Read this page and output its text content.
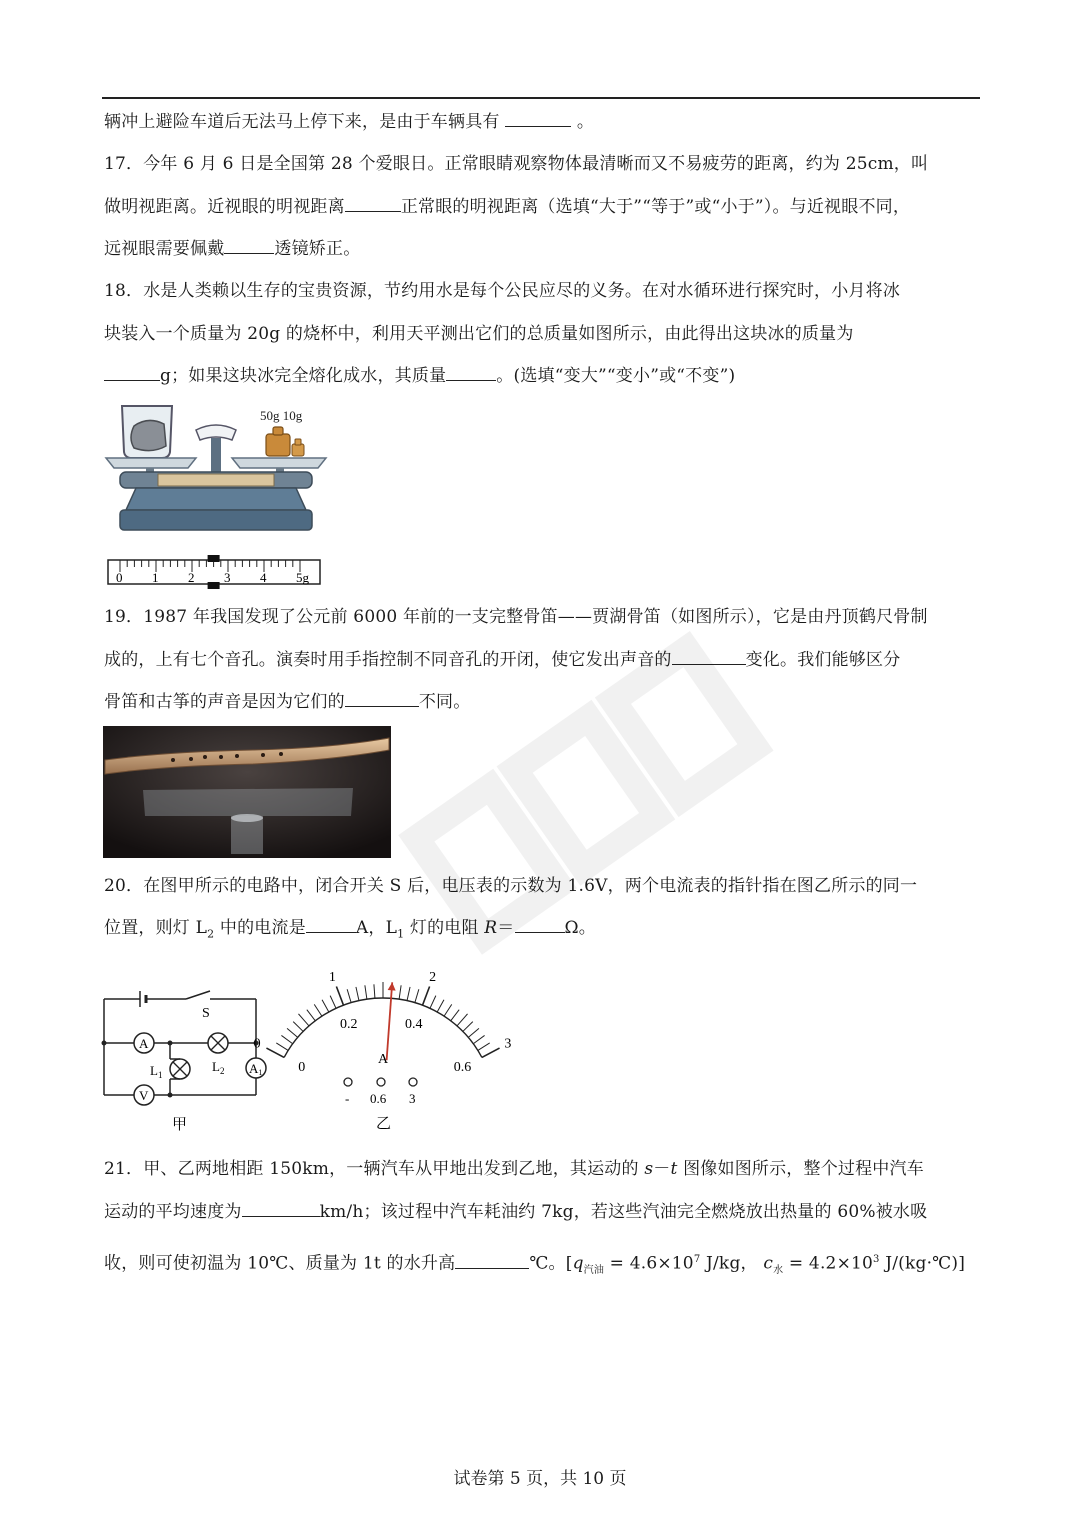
辆冲上避险车道后无法马上停下来，是由于车辆具有	。
17．今年 6 月 6 日是全国第 28 个爱眼日。正常眼睛观察物体最清晰而又不易疲劳的距离，约为 25cm，叫
做明视距离。近视眼的明视距离	正常眼的明视距离（选填“大于”“等于”或“小于”）。与近视眼不同，
远视眼需要佩戴	透镜矫正。
18．水是人类赖以生存的宝贵资源，节约用水是每个公民应尽的义务。在对水循环进行探究时，小月将冰
块装入一个质量为 20g 的烧杯中，利用天平测出它们的总质量如图所示，由此得出这块冰的质量为
g；如果这块冰完全熔化成水，其质量	。(选填“变大”“变小”或“不变”)
50g 10g
0 1 2 3 4 5g
19．1987 年我国发现了公元前 6000 年前的一支完整骨笛——贾湖骨笛（如图所示），它是由丹顶鹤尺骨制
成的，上有七个音孔。演奏时用手指控制不同音孔的开闭，使它发出声音的	变化。我们能够区分
骨笛和古筝的声音是因为它们的	不同。
20．在图甲所示的电路中，闭合开关 S 后，电压表的示数为 1.6V，两个电流表的指针指在图乙所示的同一
位置，则灯 $L_2$ 中的电流是	A，$L_1$ 灯的电阻 R＝	Ω。
S
A
$L_2$
$L_1$	A1
V
甲
0
1	2
3
0
0.2	0.4
0.6
A
- 0.6 3
乙
21．甲、乙两地相距 150km，一辆汽车从甲地出发到乙地，其运动的 s－t 图像如图所示，整个过程中汽车
运动的平均速度为	km/h；该过程中汽车耗油约 7kg，若这些汽油完全燃烧放出热量的 60%被水吸
收，则可使初温为 10℃、质量为 1t 的水升高	℃。[$q_{汽油} = 4.6\times 10^7$ J/kg， $c_水 = 4.2\times 10^3$ J/(kg·℃)]
试卷第 5 页，共 10 页
